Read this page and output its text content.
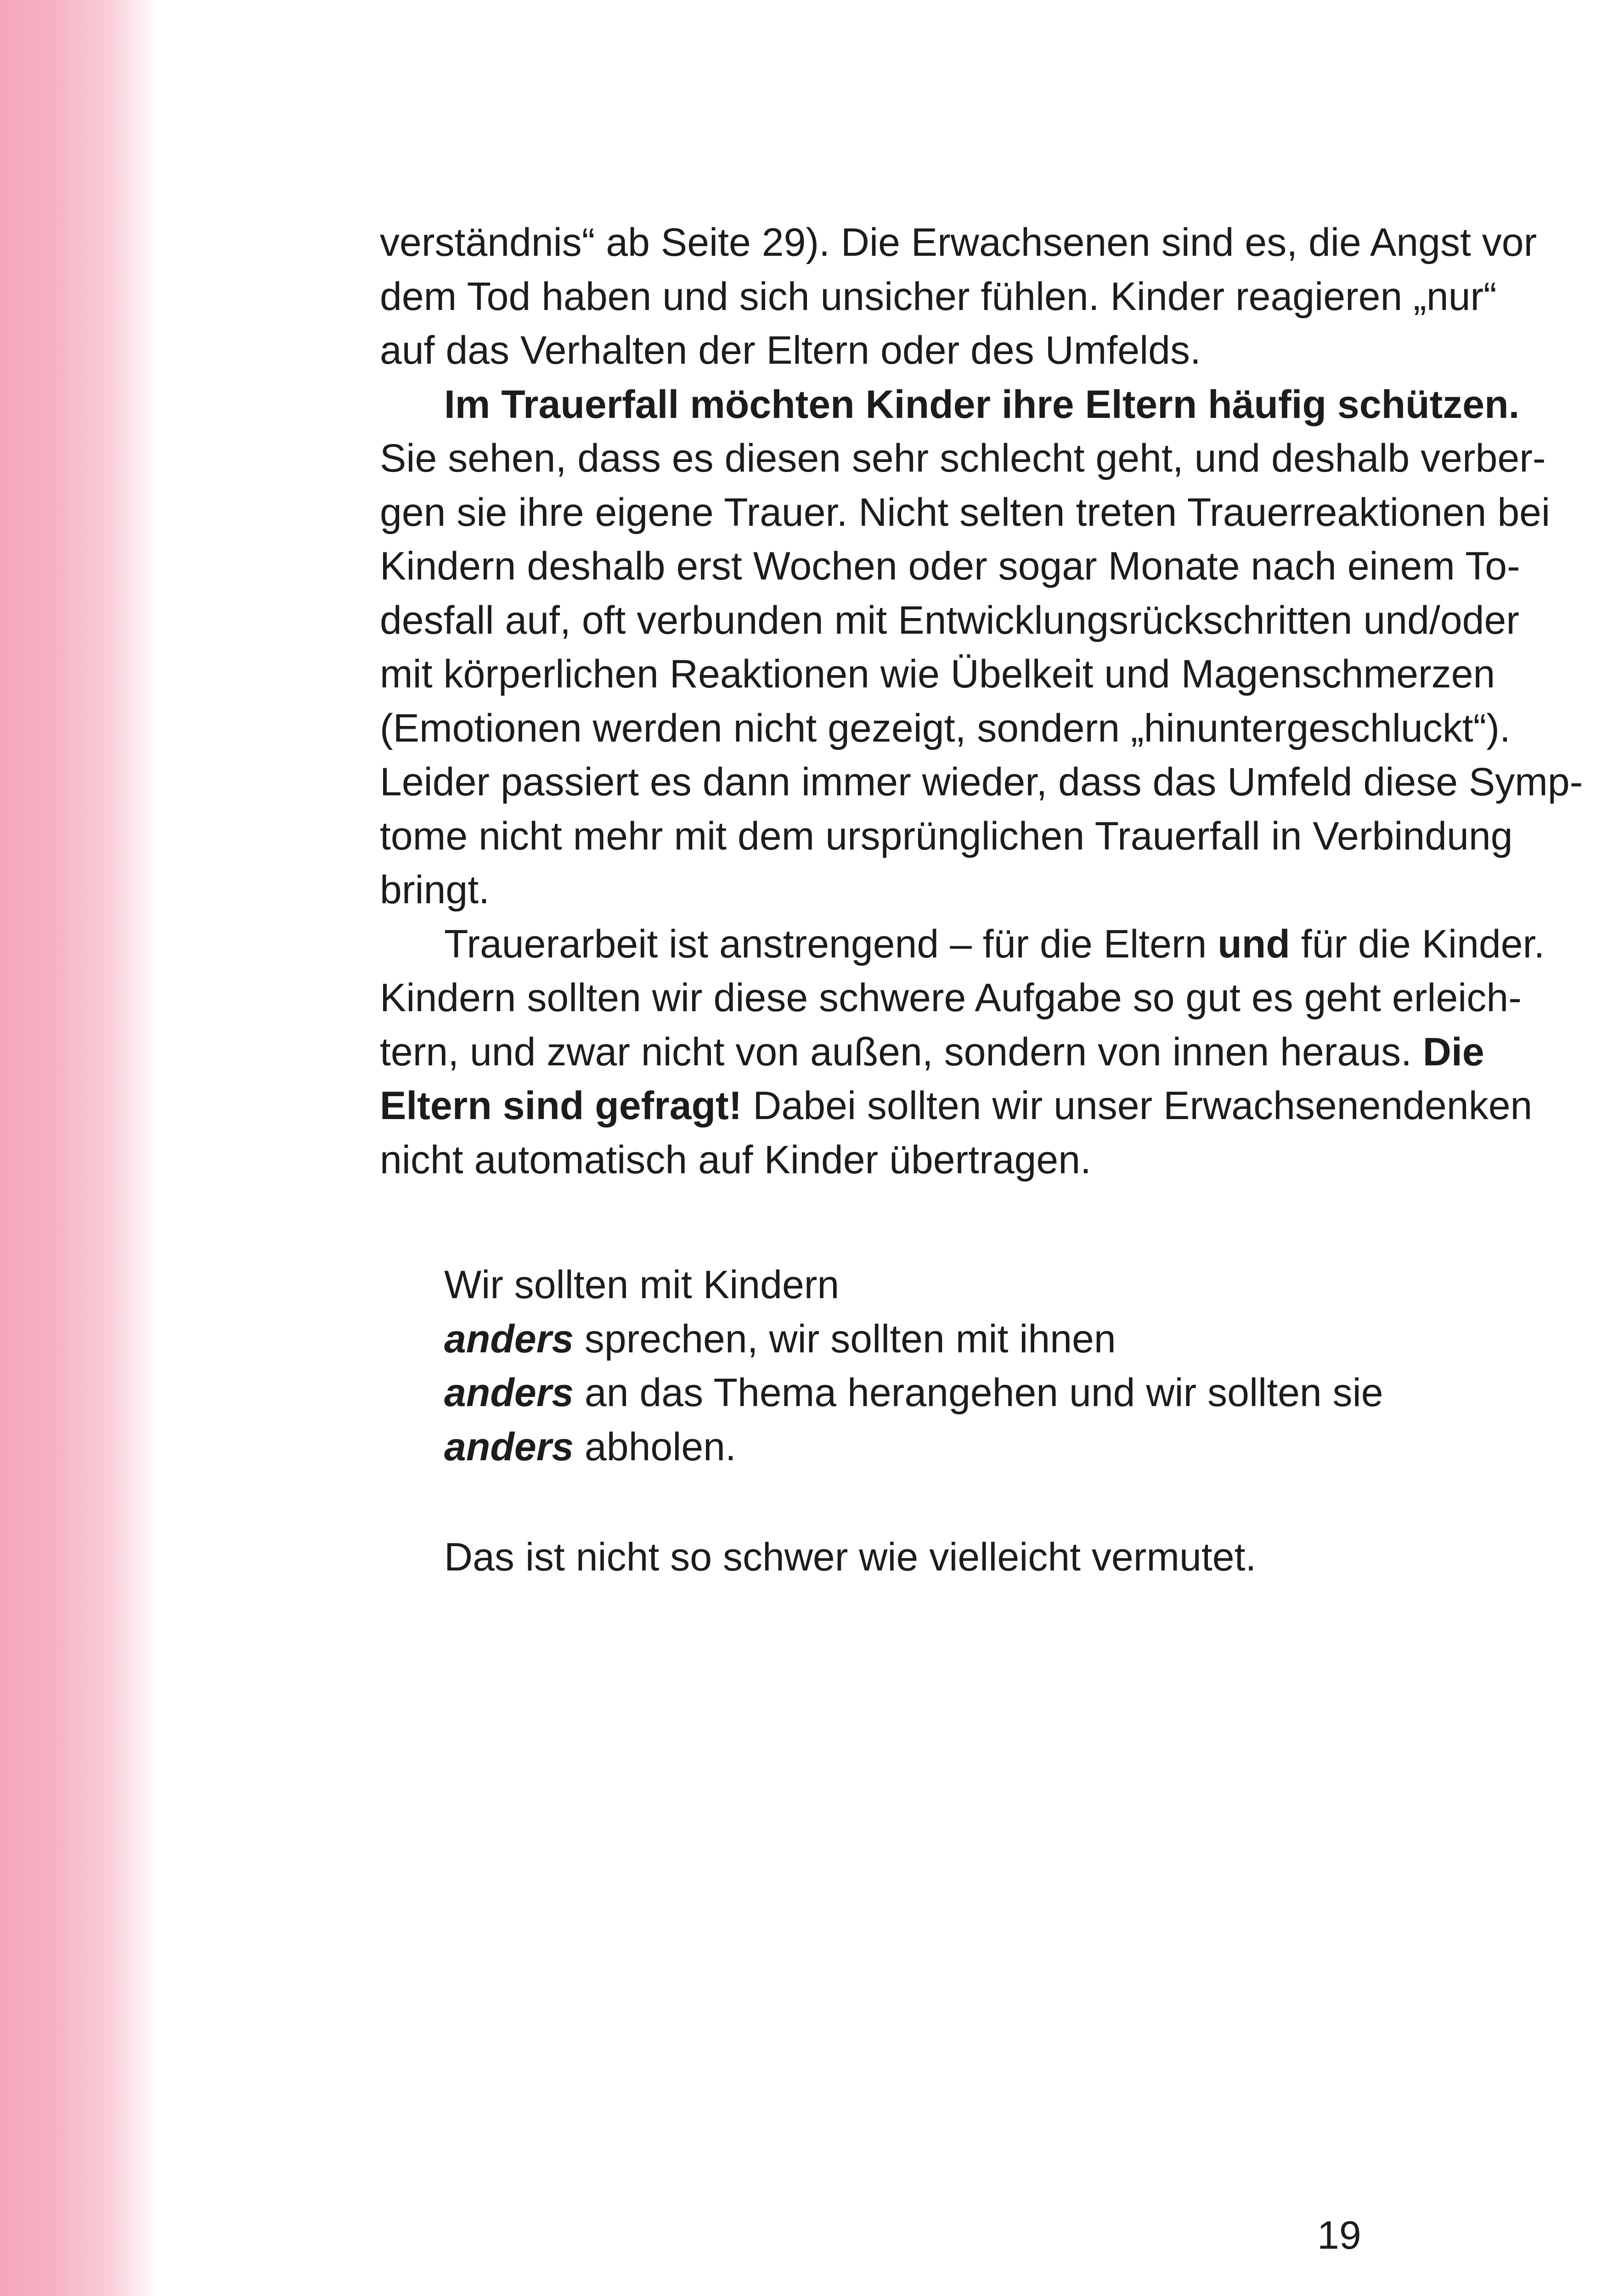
verständnis“ ab Seite 29). Die Erwachsenen sind es, die Angst vor
dem Tod haben und sich unsicher fühlen. Kinder reagieren „nur“
auf das Verhalten der Eltern oder des Umfelds.
Im Trauerfall möchten Kinder ihre Eltern häufig schützen.
Sie sehen, dass es diesen sehr schlecht geht, und deshalb verber-
gen sie ihre eigene Trauer. Nicht selten treten Trauerreaktionen bei
Kindern deshalb erst Wochen oder sogar Monate nach einem To-
desfall auf, oft verbunden mit Entwicklungsrückschritten und/oder
mit körperlichen Reaktionen wie Übelkeit und Magenschmerzen
(Emotionen werden nicht gezeigt, sondern „hinuntergeschluckt“).
Leider passiert es dann immer wieder, dass das Umfeld diese Symp-
tome nicht mehr mit dem ursprünglichen Trauerfall in Verbindung
bringt.
Trauerarbeit ist anstrengend – für die Eltern und für die Kinder.
Kindern sollten wir diese schwere Aufgabe so gut es geht erleich-
tern, und zwar nicht von außen, sondern von innen heraus. Die
Eltern sind gefragt! Dabei sollten wir unser Erwachsenendenken
nicht automatisch auf Kinder übertragen.
Wir sollten mit Kindern
anders sprechen, wir sollten mit ihnen
anders an das Thema herangehen und wir sollten sie
anders abholen.
Das ist nicht so schwer wie vielleicht vermutet.
19
